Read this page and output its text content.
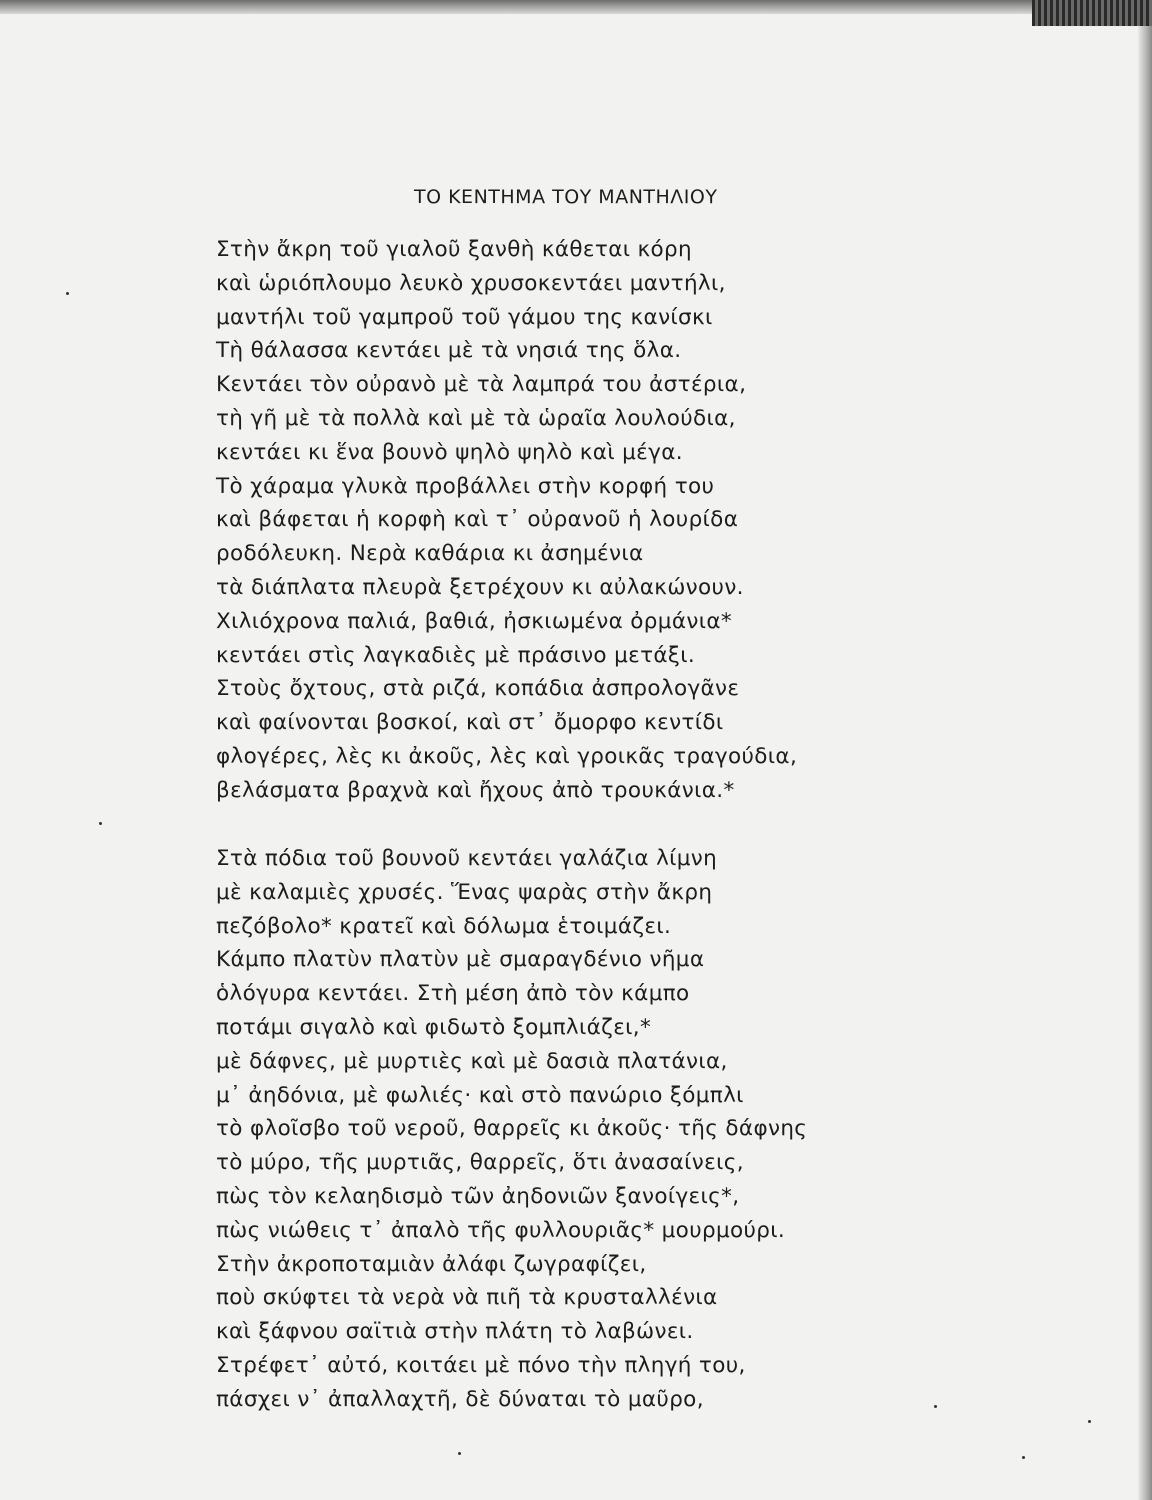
ΤΟ ΚΕΝΤΗΜΑ ΤΟΥ ΜΑΝΤΗΛΙΟΥ
Στὴν ἄκρη τοῦ γιαλοῦ ξανθὴ κάθεται κόρη
καὶ ὡριόπλουμο λευκὸ χρυσοκεντάει μαντήλι,
μαντήλι τοῦ γαμπροῦ τοῦ γάμου της κανίσκι
Τὴ θάλασσα κεντάει μὲ τὰ νησιά της ὅλα.
Κεντάει τὸν οὐρανὸ μὲ τὰ λαμπρά του ἀστέρια,
τὴ γῆ μὲ τὰ πολλὰ καὶ μὲ τὰ ὡραῖα λουλούδια,
κεντάει κι ἕνα βουνὸ ψηλὸ ψηλὸ καὶ μέγα.
Τὸ χάραμα γλυκὰ προβάλλει στὴν κορφή του
καὶ βάφεται ἡ κορφὴ καὶ τ᾽ οὐρανοῦ ἡ λουρίδα
ροδόλευκη. Νερὰ καθάρια κι ἀσημένια
τὰ διάπλατα πλευρὰ ξετρέχουν κι αὐλακώνουν.
Χιλιόχρονα παλιά, βαθιά, ἠσκιωμένα ὀρμάνια*
κεντάει στὶς λαγκαδιὲς μὲ πράσινο μετάξι.
Στοὺς ὄχτους, στὰ ριζά, κοπάδια ἀσπρολογᾶνε
καὶ φαίνονται βοσκοί, καὶ στ᾽ ὄμορφο κεντίδι
φλογέρες, λὲς κι ἀκοῦς, λὲς καὶ γροικᾶς τραγούδια,
βελάσματα βραχνὰ καὶ ἤχους ἀπὸ τρουκάνια.*
Στὰ πόδια τοῦ βουνοῦ κεντάει γαλάζια λίμνη
μὲ καλαμιὲς χρυσές. Ἕνας ψαρὰς στὴν ἄκρη
πεζόβολο* κρατεῖ καὶ δόλωμα ἑτοιμάζει.
Κάμπο πλατὺν πλατὺν μὲ σμαραγδένιο νῆμα
ὁλόγυρα κεντάει. Στὴ μέση ἀπὸ τὸν κάμπο
ποτάμι σιγαλὸ καὶ φιδωτὸ ξομπλιάζει,*
μὲ δάφνες, μὲ μυρτιὲς καὶ μὲ δασιὰ πλατάνια,
μ᾽ ἀηδόνια, μὲ φωλιές· καὶ στὸ πανώριο ξόμπλι
τὸ φλοῖσβο τοῦ νεροῦ, θαρρεῖς κι ἀκοῦς· τῆς δάφνης
τὸ μύρο, τῆς μυρτιᾶς, θαρρεῖς, ὅτι ἀνασαίνεις,
πὼς τὸν κελαηδισμὸ τῶν ἀηδονιῶν ξανοίγεις*,
πὼς νιώθεις τ᾽ ἀπαλὸ τῆς φυλλουριᾶς* μουρμούρι.
Στὴν ἀκροποταμιὰν ἀλάφι ζωγραφίζει,
ποὺ σκύφτει τὰ νερὰ νὰ πιῆ τὰ κρυσταλλένια
καὶ ξάφνου σαϊτιὰ στὴν πλάτη τὸ λαβώνει.
Στρέφετ᾽ αὐτό, κοιτάει μὲ πόνο τὴν πληγή του,
πάσχει ν᾽ ἀπαλλαχτῆ, δὲ δύναται τὸ μαῦρο,
